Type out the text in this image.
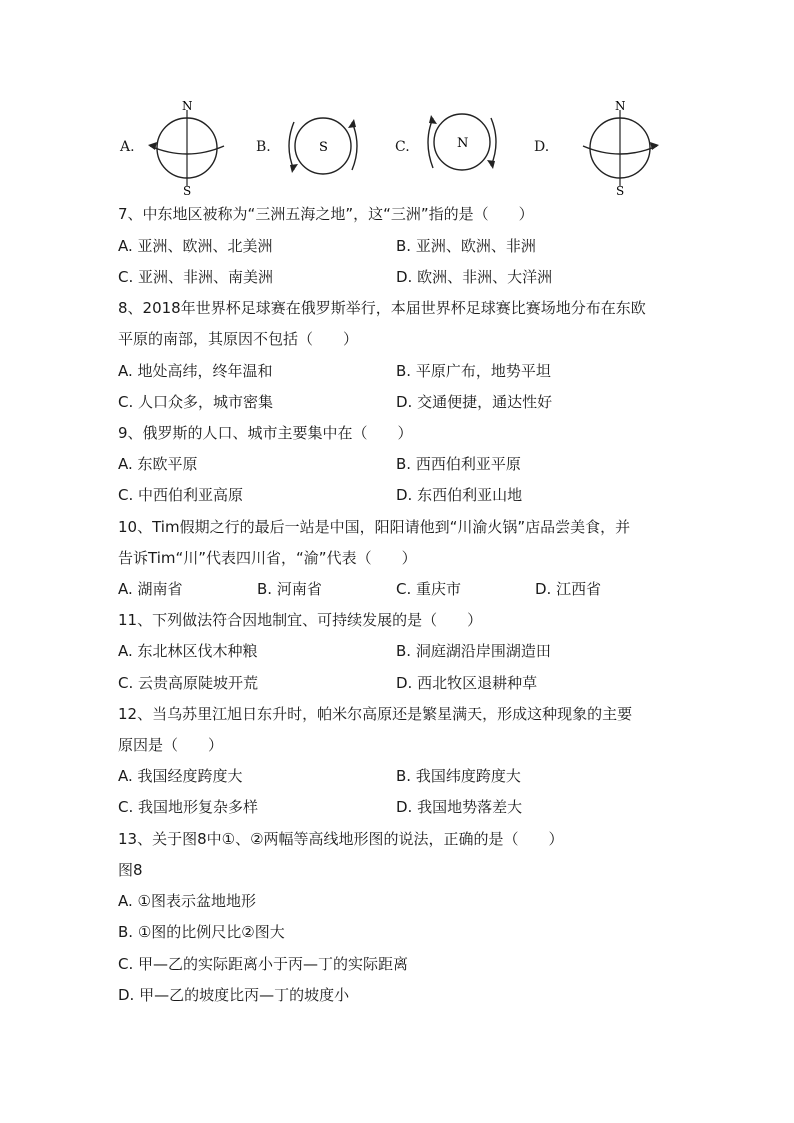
A.
N
S
B.	S	C.	N	D.
N
S
7、中东地区被称为“三洲五海之地”，这“三洲”指的是（　　）
A. 亚洲、欧洲、北美洲	B. 亚洲、欧洲、非洲
C. 亚洲、非洲、南美洲	D. 欧洲、非洲、大洋洲
8、2018年世界杯足球赛在俄罗斯举行，本届世界杯足球赛比赛场地分布在东欧
平原的南部，其原因不包括（　　）
A. 地处高纬，终年温和	B. 平原广布，地势平坦
C. 人口众多，城市密集	D. 交通便捷，通达性好
9、俄罗斯的人口、城市主要集中在（　　）
A. 东欧平原	B. 西西伯利亚平原
C. 中西伯利亚高原	D. 东西伯利亚山地
10、Tim假期之行的最后一站是中国，阳阳请他到“川渝火锅”店品尝美食，并
告诉Tim“川”代表四川省，“渝”代表（　　）
A. 湖南省	B. 河南省	C. 重庆市	D. 江西省
11、下列做法符合因地制宜、可持续发展的是（　　）
A. 东北林区伐木种粮	B. 洞庭湖沿岸围湖造田
C. 云贵高原陡坡开荒	D. 西北牧区退耕种草
12、当乌苏里江旭日东升时，帕米尔高原还是繁星满天，形成这种现象的主要
原因是（　　）
A. 我国经度跨度大	B. 我国纬度跨度大
C. 我国地形复杂多样	D. 我国地势落差大
13、关于图8中①、②两幅等高线地形图的说法，正确的是（　　）
图8
A. ①图表示盆地地形
B. ①图的比例尺比②图大
C. 甲—乙的实际距离小于丙—丁的实际距离
D. 甲—乙的坡度比丙—丁的坡度小
